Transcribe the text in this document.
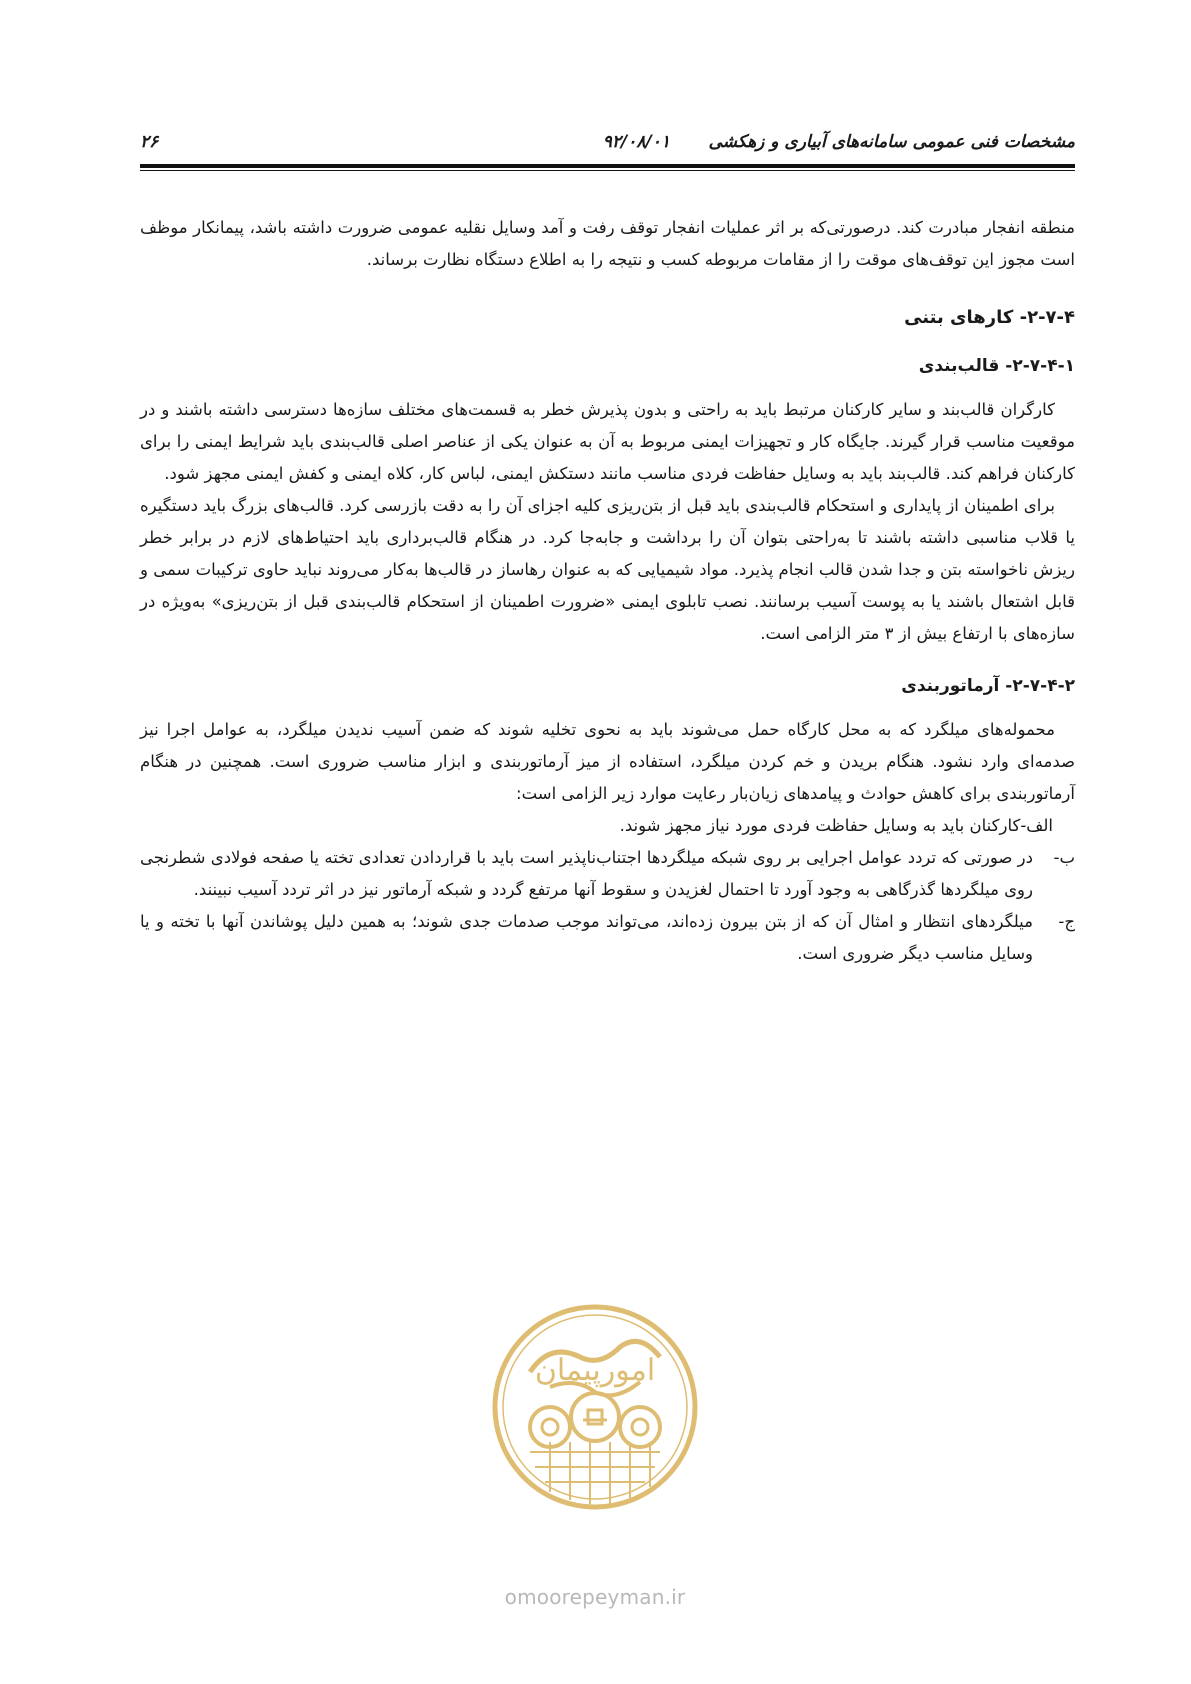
مشخصات فنی عمومی سامانه‌های آبیاری و زهکشی
۹۲/۰۸/۰۱
۲۶

منطقه انفجار مبادرت کند. درصورتی‌که بر اثر عملیات انفجار توقف رفت و آمد وسایل نقلیه عمومی ضرورت داشته باشد، پیمانکار موظف است مجوز این توقف‌های موقت را از مقامات مربوطه کسب و نتیجه را به اطلاع دستگاه نظارت برساند.

۲-۷-۴- کارهای بتنی

۲-۷-۴-۱- قالب‌بندی

کارگران قالب‌بند و سایر کارکنان مرتبط باید به راحتی و بدون پذیرش خطر به قسمت‌های مختلف سازه‌ها دسترسی داشته باشند و در موقعیت مناسب قرار گیرند. جایگاه کار و تجهیزات ایمنی مربوط به آن به عنوان یکی از عناصر اصلی قالب‌بندی باید شرایط ایمنی را برای کارکنان فراهم کند. قالب‌بند باید به وسایل حفاظت فردی مناسب مانند دستکش ایمنی، لباس کار، کلاه ایمنی و کفش ایمنی مجهز شود.

برای اطمینان از پایداری و استحکام قالب‌بندی باید قبل از بتن‌ریزی کلیه اجزای آن را به دقت بازرسی کرد. قالب‌های بزرگ باید دستگیره یا قلاب مناسبی داشته باشند تا به‌راحتی بتوان آن را برداشت و جابه‌جا کرد. در هنگام قالب‌برداری باید احتیاط‌های لازم در برابر خطر ریزش ناخواسته بتن و جدا شدن قالب انجام پذیرد. مواد شیمیایی که به عنوان رهاساز در قالب‌ها به‌کار می‌روند نباید حاوی ترکیبات سمی و قابل اشتعال باشند یا به پوست آسیب برسانند. نصب تابلوی ایمنی «ضرورت اطمینان از استحکام قالب‌بندی قبل از بتن‌ریزی» به‌ویژه در سازه‌های با ارتفاع بیش از ۳ متر الزامی است.

۲-۷-۴-۲- آرماتوربندی

محموله‌های میلگرد که به محل کارگاه حمل می‌شوند باید به نحوی تخلیه شوند که ضمن آسیب ندیدن میلگرد، به عوامل اجرا نیز صدمه‌ای وارد نشود. هنگام بریدن و خم کردن میلگرد، استفاده از میز آرماتوربندی و ابزار مناسب ضروری است. همچنین در هنگام آرماتوربندی برای کاهش حوادث و پیامدهای زیان‌بار رعایت موارد زیر الزامی است:

الف-کارکنان باید به وسایل حفاظت فردی مورد نیاز مجهز شوند.

ب-
در صورتی که تردد عوامل اجرایی بر روی شبکه میلگردها اجتناب‌ناپذیر است باید با قراردادن تعدادی تخته یا صفحه فولادی شطرنجی روی میلگردها گذرگاهی به وجود آورد تا احتمال لغزیدن و سقوط آنها مرتفع گردد و شبکه آرماتور نیز در اثر تردد آسیب نبینند.

ج-
میلگردهای انتظار و امثال آن که از بتن بیرون زده‌اند، می‌تواند موجب صدمات جدی شوند؛ به همین دلیل پوشاندن آنها با تخته و یا وسایل مناسب دیگر ضروری است.

امورپیمان
omoorepeyman.ir
